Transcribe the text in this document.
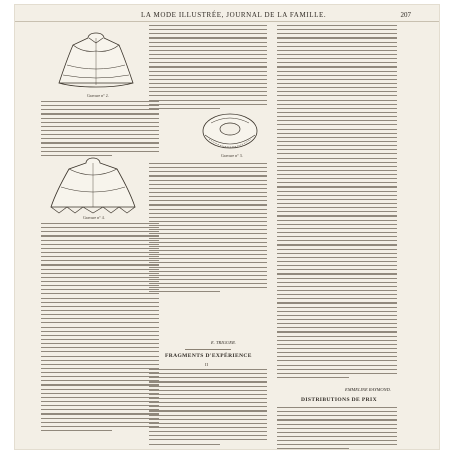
LA MODE ILLUSTRÉE, JOURNAL DE LA FAMILLE.	207
Gravure n° 2.
Gravure n° 3.
Gravure n° 4.
E. TRIGUER.
FRAGMENTS D'EXPÉRIENCE
II
EMMELINE RAYMOND.
DISTRIBUTIONS DE PRIX
